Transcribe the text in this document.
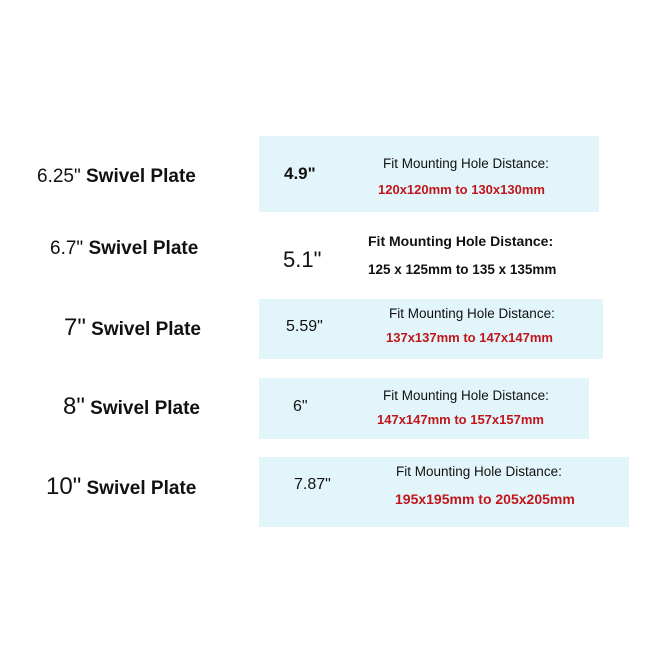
6.25" Swivel Plate	4.9"
Fit Mounting Hole Distance:
120x120mm to 130x130mm
6.7" Swivel Plate	5.1"
Fit Mounting Hole Distance:
125 x 125mm to 135 x 135mm
7" Swivel Plate	5.59"
Fit Mounting Hole Distance:
137x137mm to 147x147mm
8" Swivel Plate	6"
Fit Mounting Hole Distance:
147x147mm to 157x157mm
10" Swivel Plate	7.87"
Fit Mounting Hole Distance:
195x195mm to 205x205mm
